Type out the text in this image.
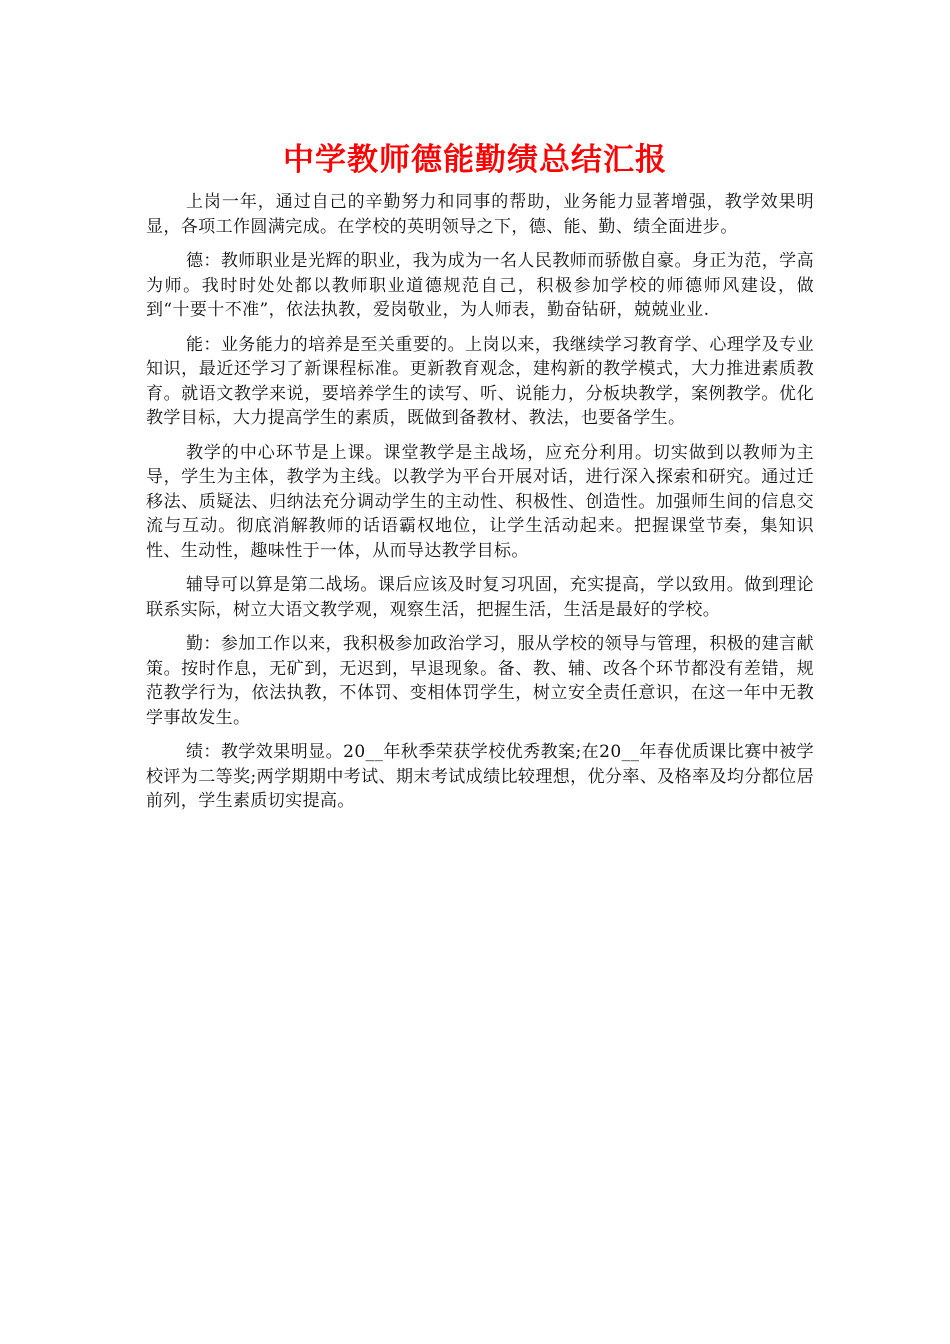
中学教师德能勤绩总结汇报

上岗一年，通过自己的辛勤努力和同事的帮助，业务能力显著增强，教学效果明显，各项工作圆满完成。在学校的英明领导之下，德、能、勤、绩全面进步。

德：教师职业是光辉的职业，我为成为一名人民教师而骄傲自豪。身正为范，学高为师。我时时处处都以教师职业道德规范自己，积极参加学校的师德师风建设，做到“十要十不准”，依法执教，爱岗敬业，为人师表，勤奋钻研，兢兢业业.

能：业务能力的培养是至关重要的。上岗以来，我继续学习教育学、心理学及专业知识，最近还学习了新课程标准。更新教育观念，建构新的教学模式，大力推进素质教育。就语文教学来说，要培养学生的读写、听、说能力，分板块教学，案例教学。优化教学目标，大力提高学生的素质，既做到备教材、教法，也要备学生。

教学的中心环节是上课。课堂教学是主战场，应充分利用。切实做到以教师为主导，学生为主体，教学为主线。以教学为平台开展对话，进行深入探索和研究。通过迁移法、质疑法、归纳法充分调动学生的主动性、积极性、创造性。加强师生间的信息交流与互动。彻底消解教师的话语霸权地位，让学生活动起来。把握课堂节奏，集知识性、生动性，趣味性于一体，从而导达教学目标。

辅导可以算是第二战场。课后应该及时复习巩固，充实提高，学以致用。做到理论联系实际，树立大语文教学观，观察生活，把握生活，生活是最好的学校。

勤：参加工作以来，我积极参加政治学习，服从学校的领导与管理，积极的建言献策。按时作息，无矿到，无迟到，早退现象。备、教、辅、改各个环节都没有差错，规范教学行为，依法执教，不体罚、变相体罚学生，树立安全责任意识，在这一年中无教学事故发生。

绩：教学效果明显。20__年秋季荣获学校优秀教案;在20__年春优质课比赛中被学校评为二等奖;两学期期中考试、期末考试成绩比较理想，优分率、及格率及均分都位居前列，学生素质切实提高。
